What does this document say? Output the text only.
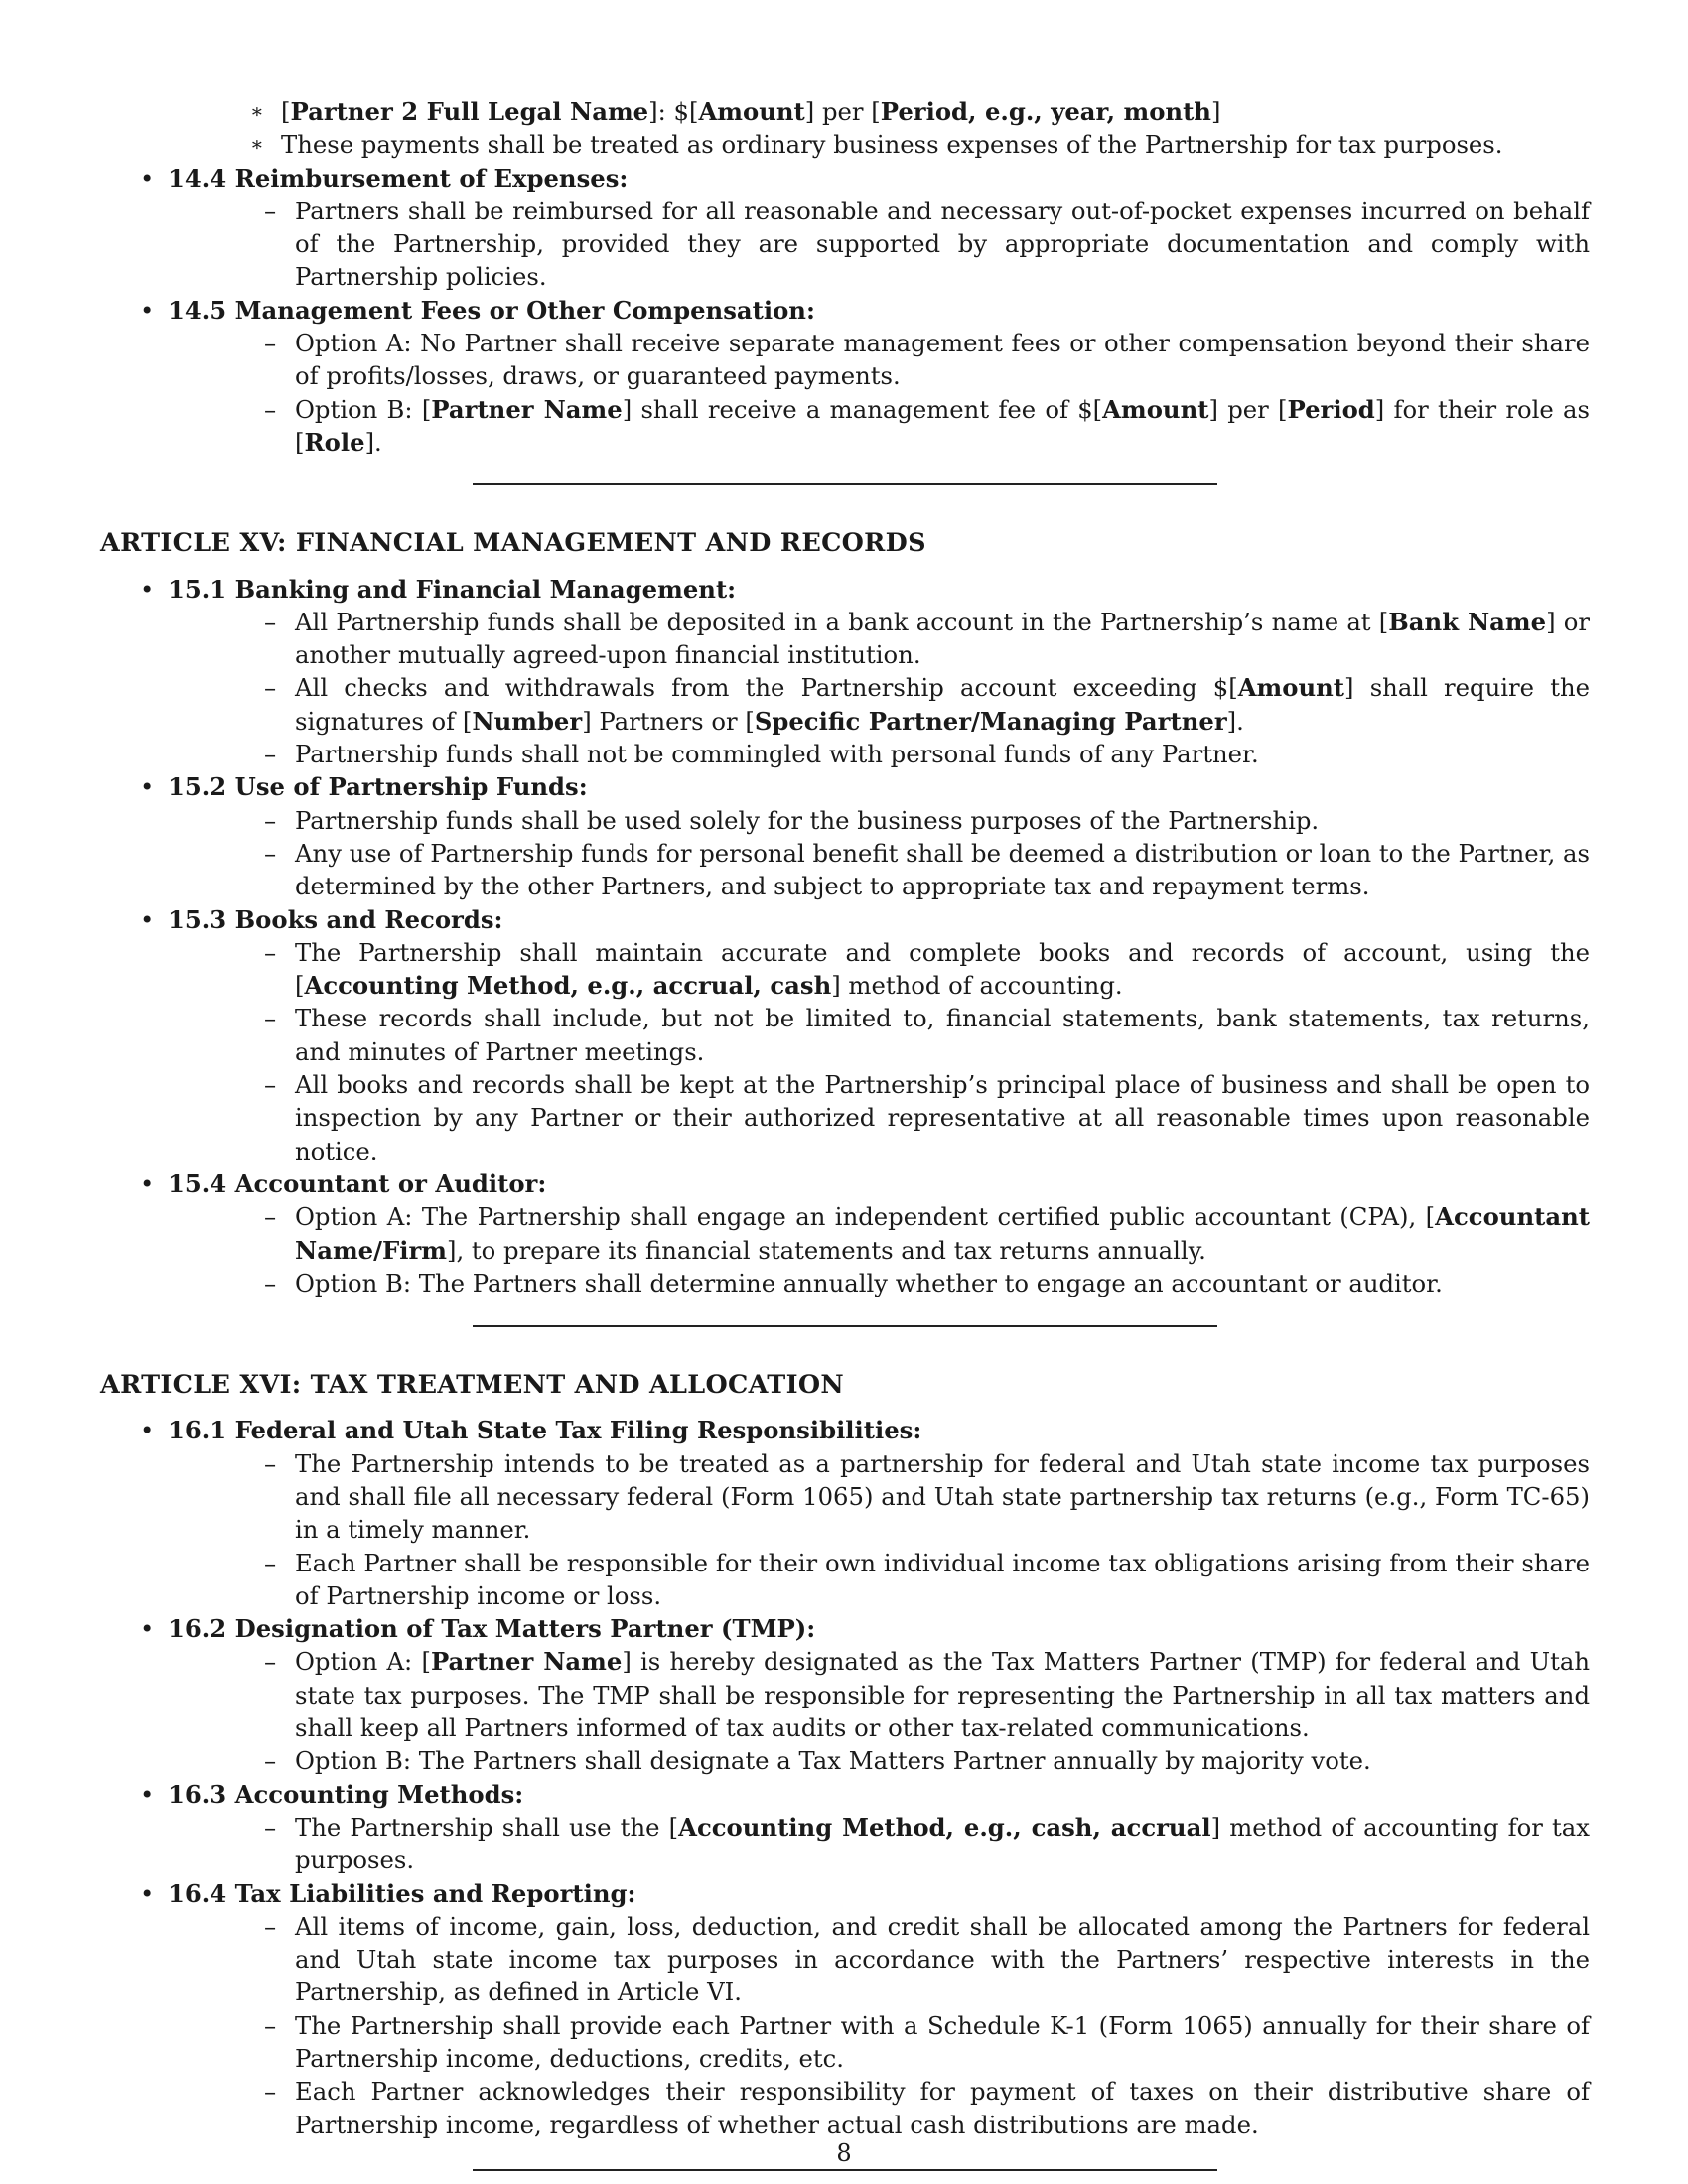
∗ [Partner 2 Full Legal Name]: $[Amount] per [Period, e.g., year, month]
∗ These payments shall be treated as ordinary business expenses of the Partnership for tax purposes.
• 14.4 Reimbursement of Expenses:
– Partners shall be reimbursed for all reasonable and necessary out-of-pocket expenses incurred on behalf of the Partnership, provided they are supported by appropriate documentation and comply with Partnership policies.
• 14.5 Management Fees or Other Compensation:
– Option A: No Partner shall receive separate management fees or other compensation beyond their share of profits/losses, draws, or guaranteed payments.
– Option B: [Partner Name] shall receive a management fee of $[Amount] per [Period] for their role as [Role].
ARTICLE XV: FINANCIAL MANAGEMENT AND RECORDS
• 15.1 Banking and Financial Management:
– All Partnership funds shall be deposited in a bank account in the Partnership’s name at [Bank Name] or another mutually agreed-upon financial institution.
– All checks and withdrawals from the Partnership account exceeding $[Amount] shall require the signatures of [Number] Partners or [Specific Partner/Managing Partner].
– Partnership funds shall not be commingled with personal funds of any Partner.
• 15.2 Use of Partnership Funds:
– Partnership funds shall be used solely for the business purposes of the Partnership.
– Any use of Partnership funds for personal benefit shall be deemed a distribution or loan to the Partner, as determined by the other Partners, and subject to appropriate tax and repayment terms.
• 15.3 Books and Records:
– The Partnership shall maintain accurate and complete books and records of account, using the [Accounting Method, e.g., accrual, cash] method of accounting.
– These records shall include, but not be limited to, financial statements, bank statements, tax returns, and minutes of Partner meetings.
– All books and records shall be kept at the Partnership’s principal place of business and shall be open to inspection by any Partner or their authorized representative at all reasonable times upon reasonable notice.
• 15.4 Accountant or Auditor:
– Option A: The Partnership shall engage an independent certified public accountant (CPA), [Accountant Name/Firm], to prepare its financial statements and tax returns annually.
– Option B: The Partners shall determine annually whether to engage an accountant or auditor.
ARTICLE XVI: TAX TREATMENT AND ALLOCATION
• 16.1 Federal and Utah State Tax Filing Responsibilities:
– The Partnership intends to be treated as a partnership for federal and Utah state income tax purposes and shall file all necessary federal (Form 1065) and Utah state partnership tax returns (e.g., Form TC-65) in a timely manner.
– Each Partner shall be responsible for their own individual income tax obligations arising from their share of Partnership income or loss.
• 16.2 Designation of Tax Matters Partner (TMP):
– Option A: [Partner Name] is hereby designated as the Tax Matters Partner (TMP) for federal and Utah state tax purposes. The TMP shall be responsible for representing the Partnership in all tax matters and shall keep all Partners informed of tax audits or other tax-related communications.
– Option B: The Partners shall designate a Tax Matters Partner annually by majority vote.
• 16.3 Accounting Methods:
– The Partnership shall use the [Accounting Method, e.g., cash, accrual] method of accounting for tax purposes.
• 16.4 Tax Liabilities and Reporting:
– All items of income, gain, loss, deduction, and credit shall be allocated among the Partners for federal and Utah state income tax purposes in accordance with the Partners’ respective interests in the Partnership, as defined in Article VI.
– The Partnership shall provide each Partner with a Schedule K-1 (Form 1065) annually for their share of Partnership income, deductions, credits, etc.
– Each Partner acknowledges their responsibility for payment of taxes on their distributive share of Partnership income, regardless of whether actual cash distributions are made.
8
